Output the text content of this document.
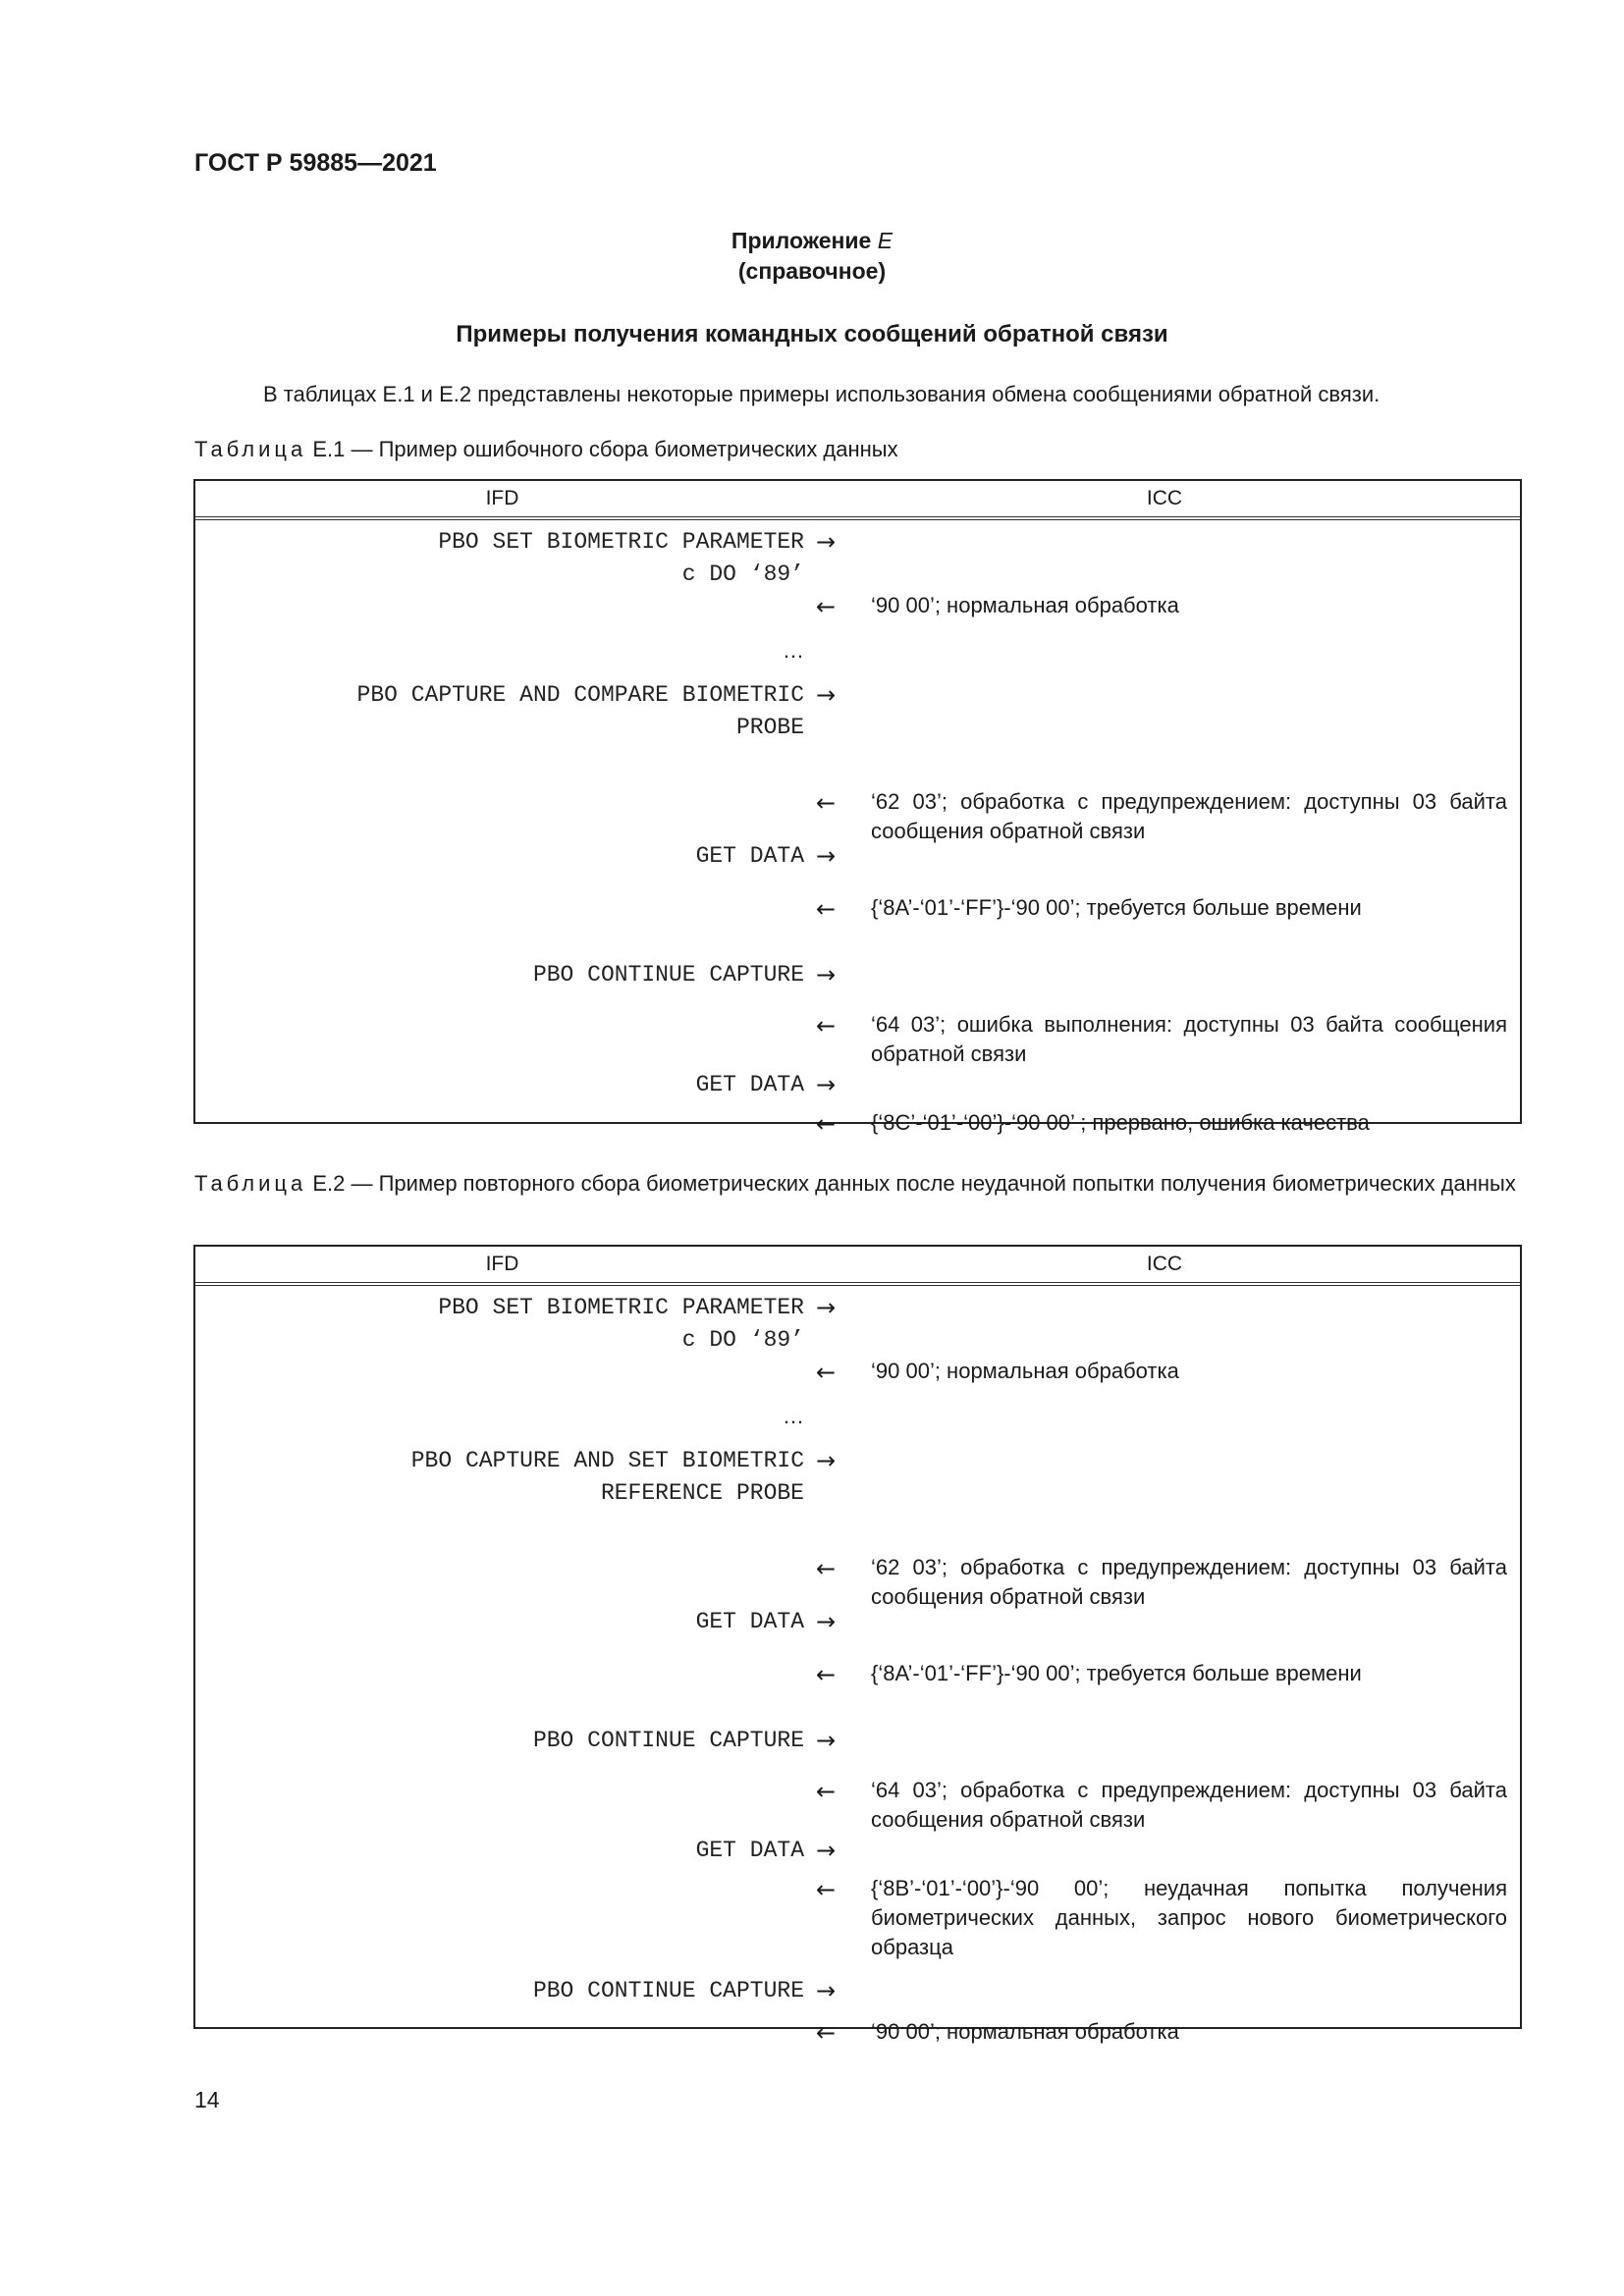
ГОСТ Р 59885—2021
Приложение Е
(справочное)
Примеры получения командных сообщений обратной связи
В таблицах Е.1 и Е.2 представлены некоторые примеры использования обмена сообщениями обратной связи.
Таблица Е.1 — Пример ошибочного сбора биометрических данных
IFD	ICC
PBO SET BIOMETRIC PARAMETER
с DO ‘89’
→
←	‘90 00’; нормальная обработка
…
PBO CAPTURE AND COMPARE BIOMETRIC
PROBE
→
←	‘62 03’; обработка с предупреждением: доступны 03 байта сообщения обратной связи
GET DATA →
←	{‘8A’-‘01’-‘FF’}-‘90 00’; требуется больше времени
PBO CONTINUE CAPTURE →
←	‘64 03’; ошибка выполнения: доступны 03 байта сообщения обратной связи
GET DATA →
←	{‘8C’-‘01’-‘00’}-‘90 00’ ; прервано, ошибка качества
Таблица Е.2 — Пример повторного сбора биометрических данных после неудачной попытки получения биометрических данных
IFD	ICC
PBO SET BIOMETRIC PARAMETER
с DO ‘89’
→
←	‘90 00’; нормальная обработка
…
PBO CAPTURE AND SET BIOMETRIC
REFERENCE PROBE
→
←	‘62 03’; обработка с предупреждением: доступны 03 байта сообщения обратной связи
GET DATA →
←	{‘8A’-‘01’-‘FF’}-‘90 00’; требуется больше времени
PBO CONTINUE CAPTURE →
←	‘64 03’; обработка с предупреждением: доступны 03 байта сообщения обратной связи
GET DATA →
←	{‘8B’-‘01’-‘00’}-‘90 00’; неудачная попытка получения биометрических данных, запрос нового биометрического образца
PBO CONTINUE CAPTURE →
←	‘90 00’; нормальная обработка
14
